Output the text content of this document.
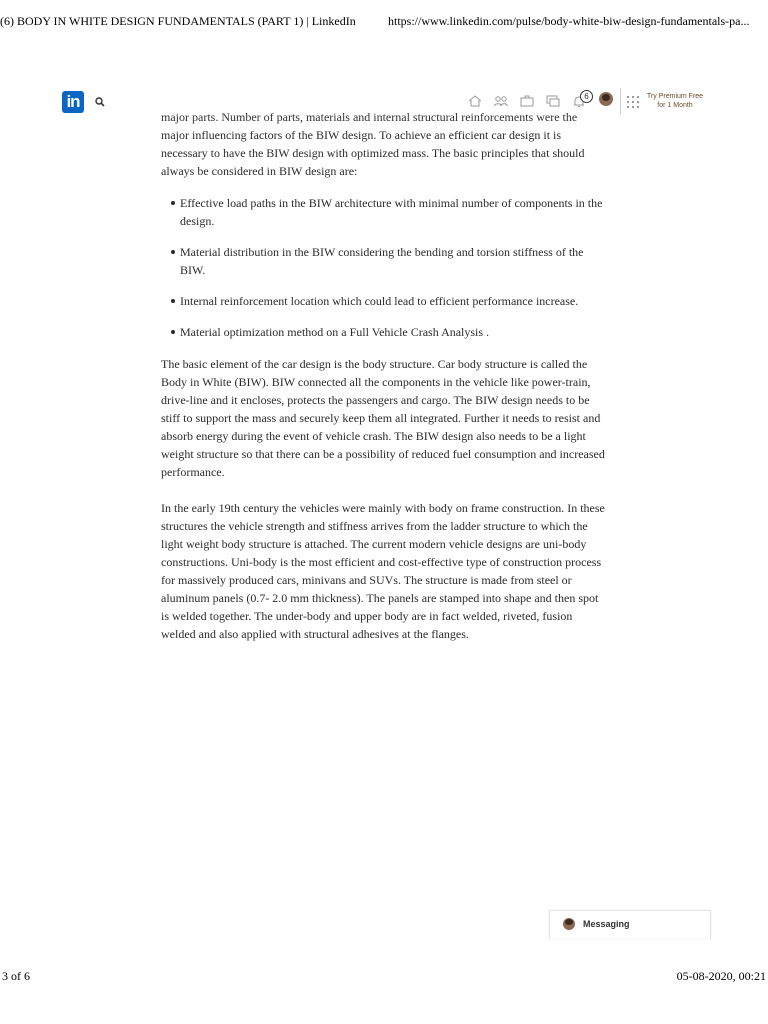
(6) BODY IN WHITE DESIGN FUNDAMENTALS (PART 1) | LinkedIn	https://www.linkedin.com/pulse/body-white-biw-design-fundamentals-pa...
in	6	Try Premium Free
for 1 Month
major parts. Number of parts, materials and internal structural reinforcements were the

major influencing factors of the BIW design. To achieve an efficient car design it is necessary to have the BIW design with optimized mass. The basic principles that should always be considered in BIW design are:

Effective load paths in the BIW architecture with minimal number of components in the design.
Material distribution in the BIW considering the bending and torsion stiffness of the BIW.
Internal reinforcement location which could lead to efficient performance increase.
Material optimization method on a Full Vehicle Crash Analysis .

The basic element of the car design is the body structure. Car body structure is called the Body in White (BIW). BIW connected all the components in the vehicle like power-train, drive-line and it encloses, protects the passengers and cargo. The BIW design needs to be stiff to support the mass and securely keep them all integrated. Further it needs to resist and absorb energy during the event of vehicle crash. The BIW design also needs to be a light weight structure so that there can be a possibility of reduced fuel consumption and increased performance.

In the early 19th century the vehicles were mainly with body on frame construction. In these structures the vehicle strength and stiffness arrives from the ladder structure to which the light weight body structure is attached. The current modern vehicle designs are uni-body constructions. Uni-body is the most efficient and cost-effective type of construction process for massively produced cars, minivans and SUVs. The structure is made from steel or aluminum panels (0.7- 2.0 mm thickness). The panels are stamped into shape and then spot is welded together. The under-body and upper body are in fact welded, riveted, fusion welded and also applied with structural adhesives at the flanges.

Messaging
3 of 6	05-08-2020, 00:21
